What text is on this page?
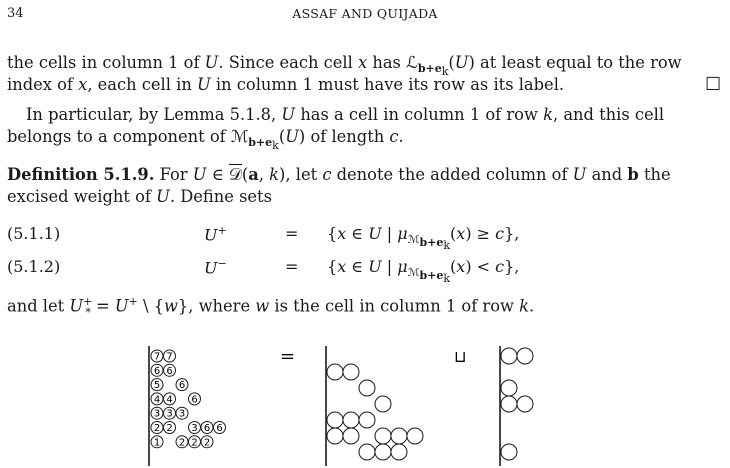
34	ASSAF AND QUIJADA
the cells in column 1 of U. Since each cell x has ℒ$_{b+e_k}$(U) at least equal to the row
index of x, each cell in U in column 1 must have its row as its label.	☐
In particular, by Lemma 5.1.8, U has a cell in column 1 of row k, and this cell
belongs to a component of ℳ$_{b+e_k}$(U) of length c.
Definition 5.1.9. For U ∈ 𝒟(a, k), let c denote the added column of U and b the
excised weight of U. Define sets
(5.1.1)	U+	= {x ∈ U | $\mu_{ℳ_{b+e_k}}(x) \ge c$},
(5.1.2)	U−	= {x ∈ U | $\mu_{ℳ_{b+e_k}}(x) < c$},
and let $U^+_* = U^+$ \ {w}, where w is the cell in column 1 of row k.
7 7
6 6
5 6
4 4 6
3 3 3
2 2 3 6 6
1 2 2 2
=	⊔
